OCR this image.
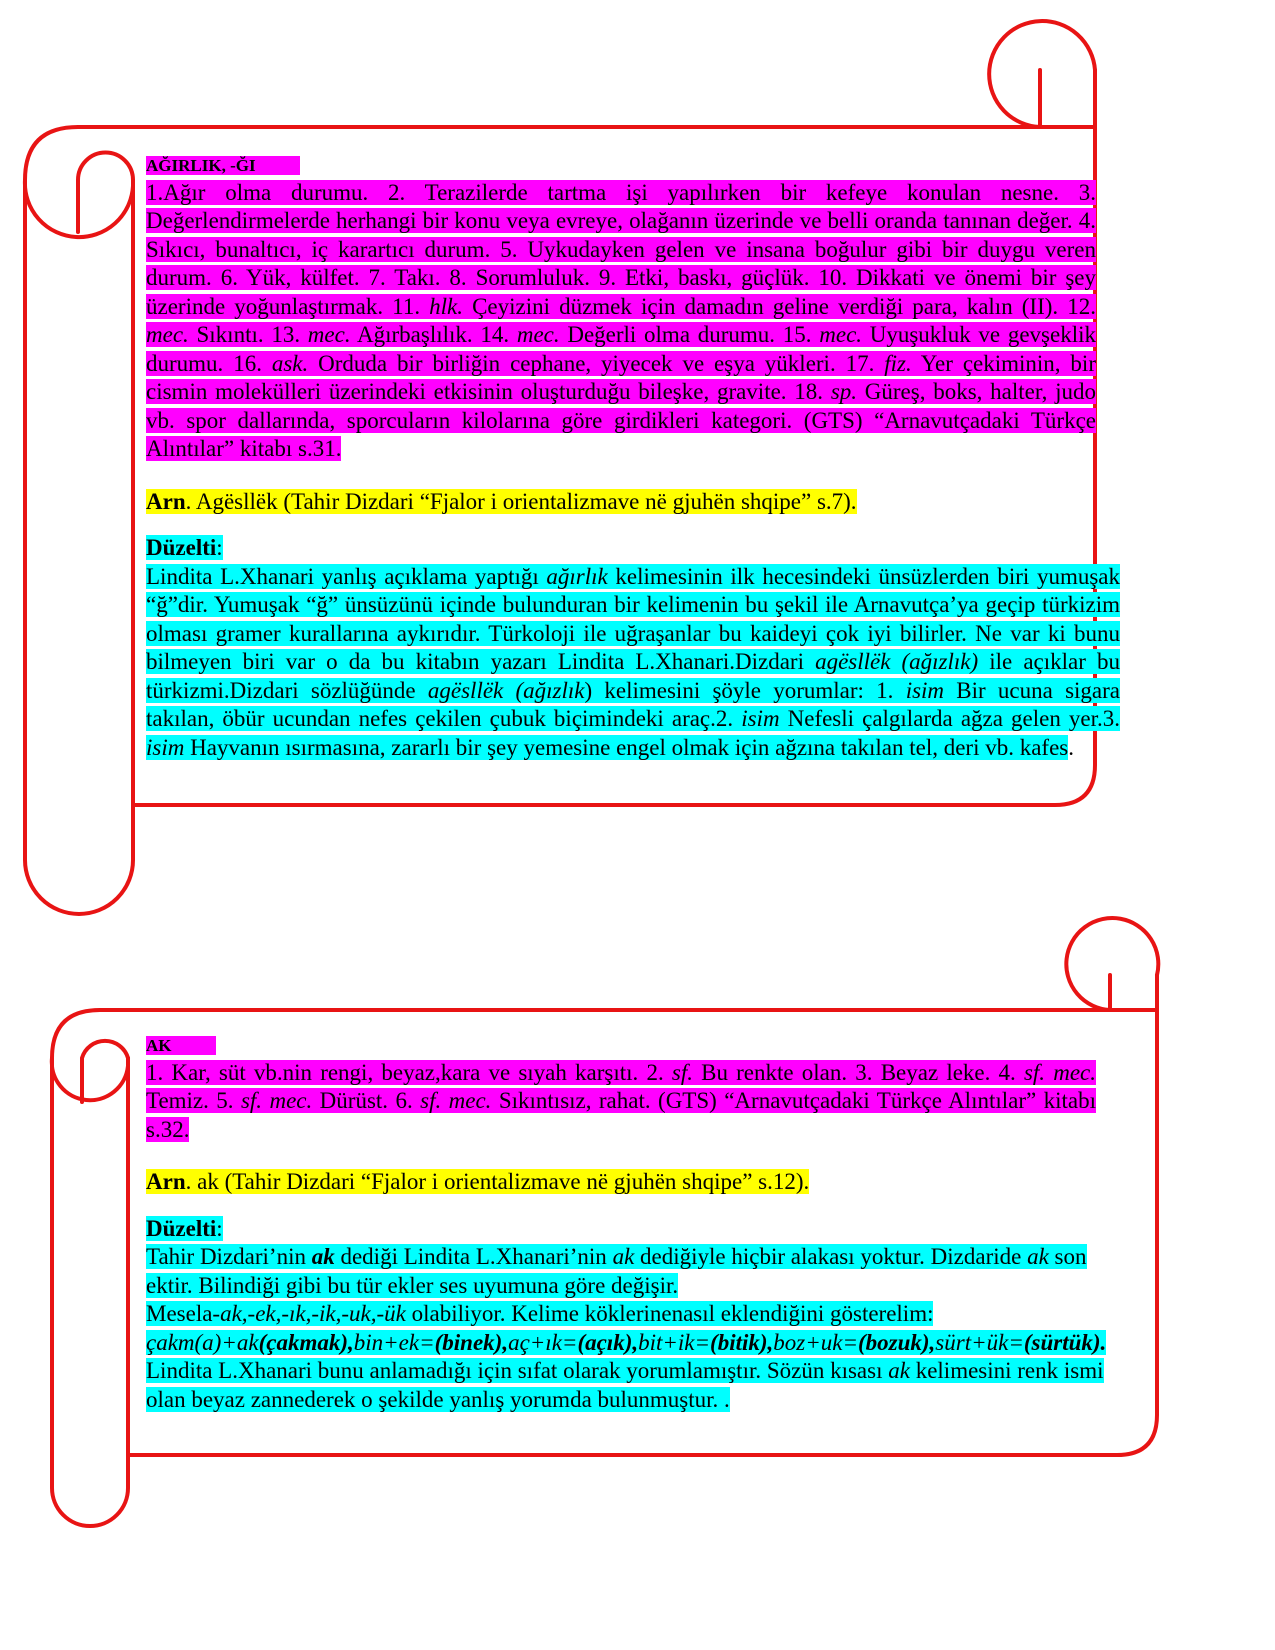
AĞIRLIK, -ĞI

1.Ağır olma durumu. 2. Terazilerde tartma işi yapılırken bir kefeye konulan nesne. 3. Değerlendirmelerde herhangi bir konu veya evreye, olağanın üzerinde ve belli oranda tanınan değer. 4. Sıkıcı, bunaltıcı, iç karartıcı durum. 5. Uykudayken gelen ve insana boğulur gibi bir duygu veren durum. 6. Yük, külfet. 7. Takı. 8. Sorumluluk. 9. Etki, baskı, güçlük. 10. Dikkati ve önemi bir şey üzerinde yoğunlaştırmak. 11. hlk. Çeyizini düzmek için damadın geline verdiği para, kalın (II). 12. mec. Sıkıntı. 13. mec. Ağırbaşlılık. 14. mec. Değerli olma durumu. 15. mec. Uyuşukluk ve gevşeklik durumu. 16. ask. Orduda bir birliğin cephane, yiyecek ve eşya yükleri. 17. fiz. Yer çekiminin, bir cismin molekülleri üzerindeki etkisinin oluşturduğu bileşke, gravite. 18. sp. Güreş, boks, halter, judo vb. spor dallarında, sporcuların kilolarına göre girdikleri kategori. (GTS) “Arnavutçadaki Türkçe Alıntılar” kitabı s.31.

Arn. Agësllëk (Tahir Dizdari “Fjalor i orientalizmave në gjuhën shqipe” s.7).

Düzelti:

Lindita L.Xhanari yanlış açıklama yaptığı ağırlık kelimesinin ilk hecesindeki ünsüzlerden biri yumuşak “ğ”dir. Yumuşak “ğ” ünsüzünü içinde bulunduran bir kelimenin bu şekil ile Arnavutça’ya geçip türkizim olması gramer kurallarına aykırıdır. Türkoloji ile uğraşanlar bu kaideyi çok iyi bilirler. Ne var ki bunu bilmeyen biri var o da bu kitabın yazarı Lindita L.Xhanari.Dizdari agësllëk (ağızlık) ile açıklar bu türkizmi.Dizdari sözlüğünde agësllëk (ağızlık) kelimesini şöyle yorumlar: 1. isim Bir ucuna sigara takılan, öbür ucundan nefes çekilen çubuk biçimindeki araç.2. isim Nefesli çalgılarda ağza gelen yer.3. isim Hayvanın ısırmasına, zararlı bir şey yemesine engel olmak için ağzına takılan tel, deri vb. kafes.

AK

1. Kar, süt vb.nin rengi, beyaz,kara ve sıyah karşıtı. 2. sf. Bu renkte olan. 3. Beyaz leke. 4. sf. mec. Temiz. 5. sf. mec. Dürüst. 6. sf. mec. Sıkıntısız, rahat. (GTS) “Arnavutçadaki Türkçe Alıntılar” kitabı s.32.

Arn. ak (Tahir Dizdari “Fjalor i orientalizmave në gjuhën shqipe” s.12).

Düzelti:

Tahir Dizdari’nin ak dediği Lindita L.Xhanari’nin ak dediğiyle hiçbir alakası yoktur. Dizdaride ak son ektir. Bilindiği gibi bu tür ekler ses uyumuna göre değişir.
Mesela-ak,-ek,-ık,-ik,-uk,-ük olabiliyor. Kelime köklerinenasıl eklendiğini gösterelim:
çakm(a)+ak(çakmak),bin+ek=(binek),aç+ık=(açık),bit+ik=(bitik),boz+uk=(bozuk),sürt+ük=(sürtük). Lindita L.Xhanari bunu anlamadığı için sıfat olarak yorumlamıştır. Sözün kısası ak kelimesini renk ismi olan beyaz zannederek o şekilde yanlış yorumda bulunmuştur. .
